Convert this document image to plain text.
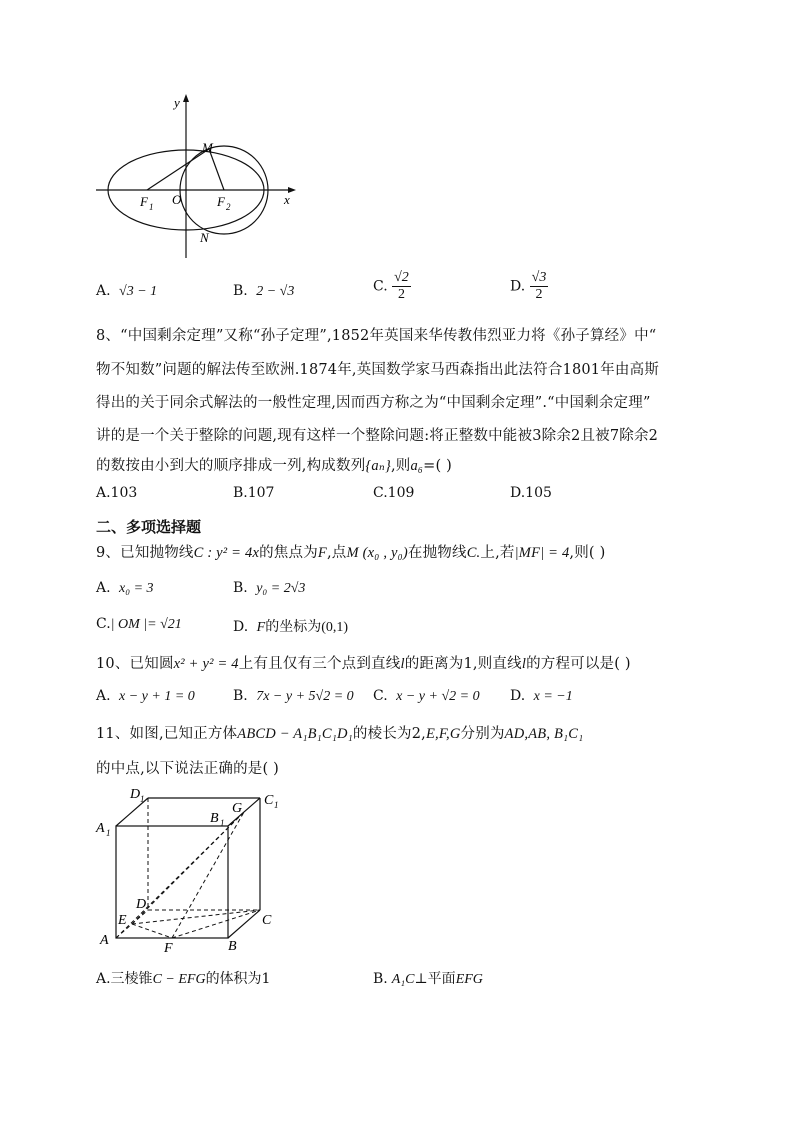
y
x
M
N
O
F 1	F 2
A. √3 − 1	B. 2 − √3	C. $\frac{√2}{2}$	D. $\frac{√3}{2}$
8、“中国剩余定理”又称“孙子定理”,1852年英国来华传教伟烈亚力将《孙子算经》中“
物不知数”问题的解法传至欧洲.1874年,英国数学家马西森指出此法符合1801年由高斯
得出的关于同余式解法的一般性定理,因而西方称之为“中国剩余定理”.“中国剩余定理”
讲的是一个关于整除的问题,现有这样一个整除问题:将正整数中能被3除余2且被7除余2
的数按由小到大的顺序排成一列,构成数列{aₙ},则a₆=( )
A.103	B.107	C.109	D.105
二、多项选择题
9、已知抛物线C : y² = 4x的焦点为F,点M (x₀ , y₀)在抛物线C.上,若|MF| = 4,则( )
A. x₀ = 3	B. y₀ = 2√3
C.| OM |= √21	D. F的坐标为(0,1)
10、已知圆x² + y² = 4上有且仅有三个点到直线l的距离为1,则直线l的方程可以是( )
A. x − y + 1 = 0	B. 7x − y + 5√2 = 0 C. x − y + √2 = 0 D. x = −1
11、如图,已知正方体ABCD − A₁B₁C₁D₁的棱长为2,E,F,G分别为AD,AB, B₁C₁
的中点,以下说法正确的是( )
D 1	C 1
G
B 1
A 1
D
C
E
A
F	B
A.三棱锥C − EFG的体积为1	B. A₁C⊥平面EFG
